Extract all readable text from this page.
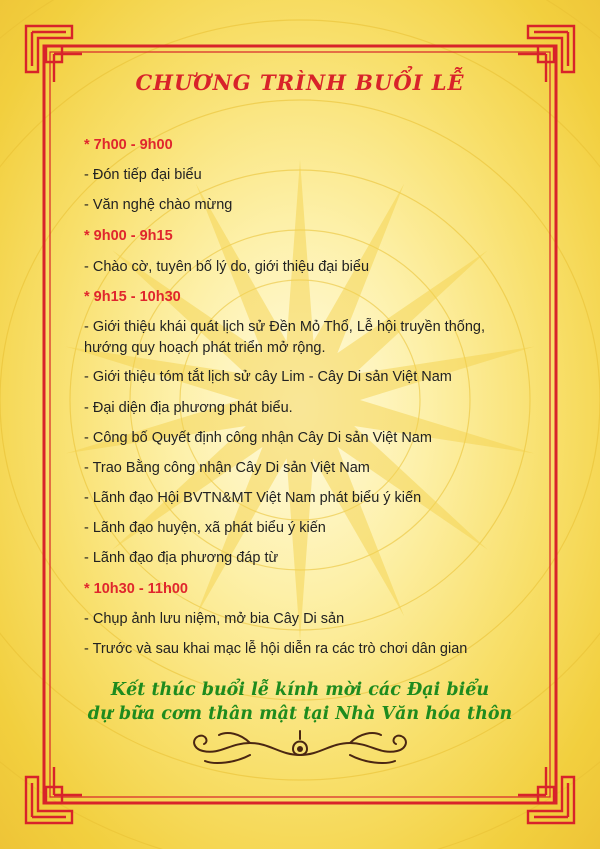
CHƯƠNG TRÌNH BUỔI LỄ
* 7h00 - 9h00
- Đón tiếp đại biểu
- Văn nghệ chào mừng
* 9h00 - 9h15
- Chào cờ, tuyên bố lý do, giới thiệu đại biểu
* 9h15 - 10h30
- Giới thiệu khái quát lịch sử Đền Mỏ Thổ, Lễ hội truyền thống, hướng quy hoạch phát triển mở rộng.
- Giới thiệu tóm tắt lịch sử cây Lim - Cây Di sản Việt Nam
- Đại diện địa phương phát biểu.
- Công bố Quyết định công nhận Cây Di sản Việt Nam
- Trao Bằng công nhận Cây Di sản Việt Nam
- Lãnh đạo Hội BVTN&MT Việt Nam phát biểu ý kiến
- Lãnh đạo huyện, xã phát biểu ý kiến
- Lãnh đạo địa phương đáp từ
* 10h30 - 11h00
- Chụp ảnh lưu niệm, mở bia Cây Di sản
- Trước và sau khai mạc lễ hội diễn ra các trò chơi dân gian
Kết thúc buổi lễ kính mời các Đại biểu
dự bữa cơm thân mật tại Nhà Văn hóa thôn
